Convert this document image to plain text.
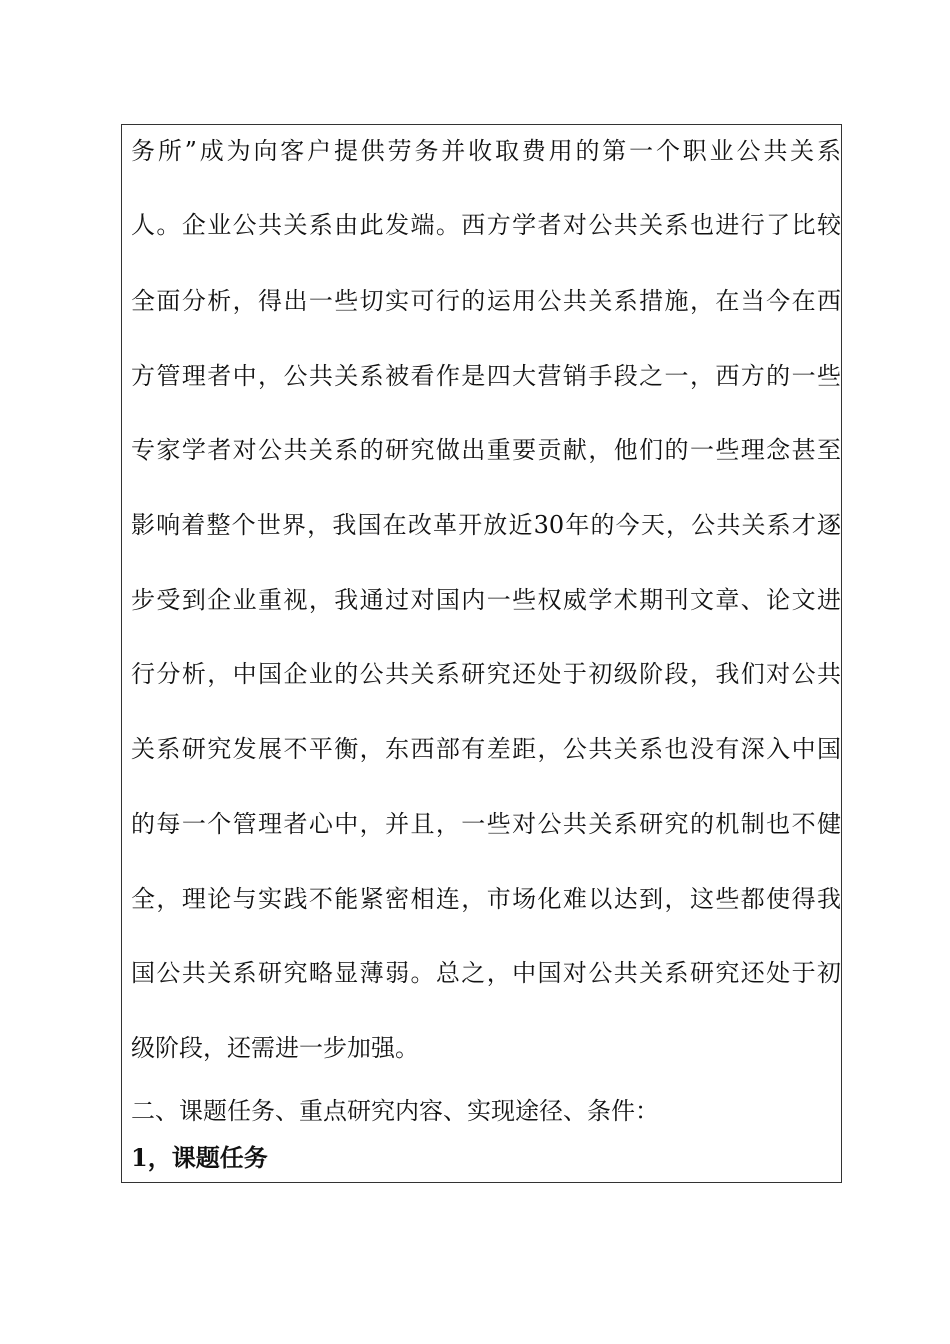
务所”成为向客户提供劳务并收取费用的第一个职业公共关系
人。企业公共关系由此发端。西方学者对公共关系也进行了比较
全面分析，得出一些切实可行的运用公共关系措施，在当今在西
方管理者中，公共关系被看作是四大营销手段之一，西方的一些
专家学者对公共关系的研究做出重要贡献，他们的一些理念甚至
影响着整个世界，我国在改革开放近30年的今天，公共关系才逐
步受到企业重视，我通过对国内一些权威学术期刊文章、论文进
行分析，中国企业的公共关系研究还处于初级阶段，我们对公共
关系研究发展不平衡，东西部有差距，公共关系也没有深入中国
的每一个管理者心中，并且，一些对公共关系研究的机制也不健
全，理论与实践不能紧密相连，市场化难以达到，这些都使得我
国公共关系研究略显薄弱。总之，中国对公共关系研究还处于初
级阶段，还需进一步加强。
二、课题任务、重点研究内容、实现途径、条件：
1，课题任务
